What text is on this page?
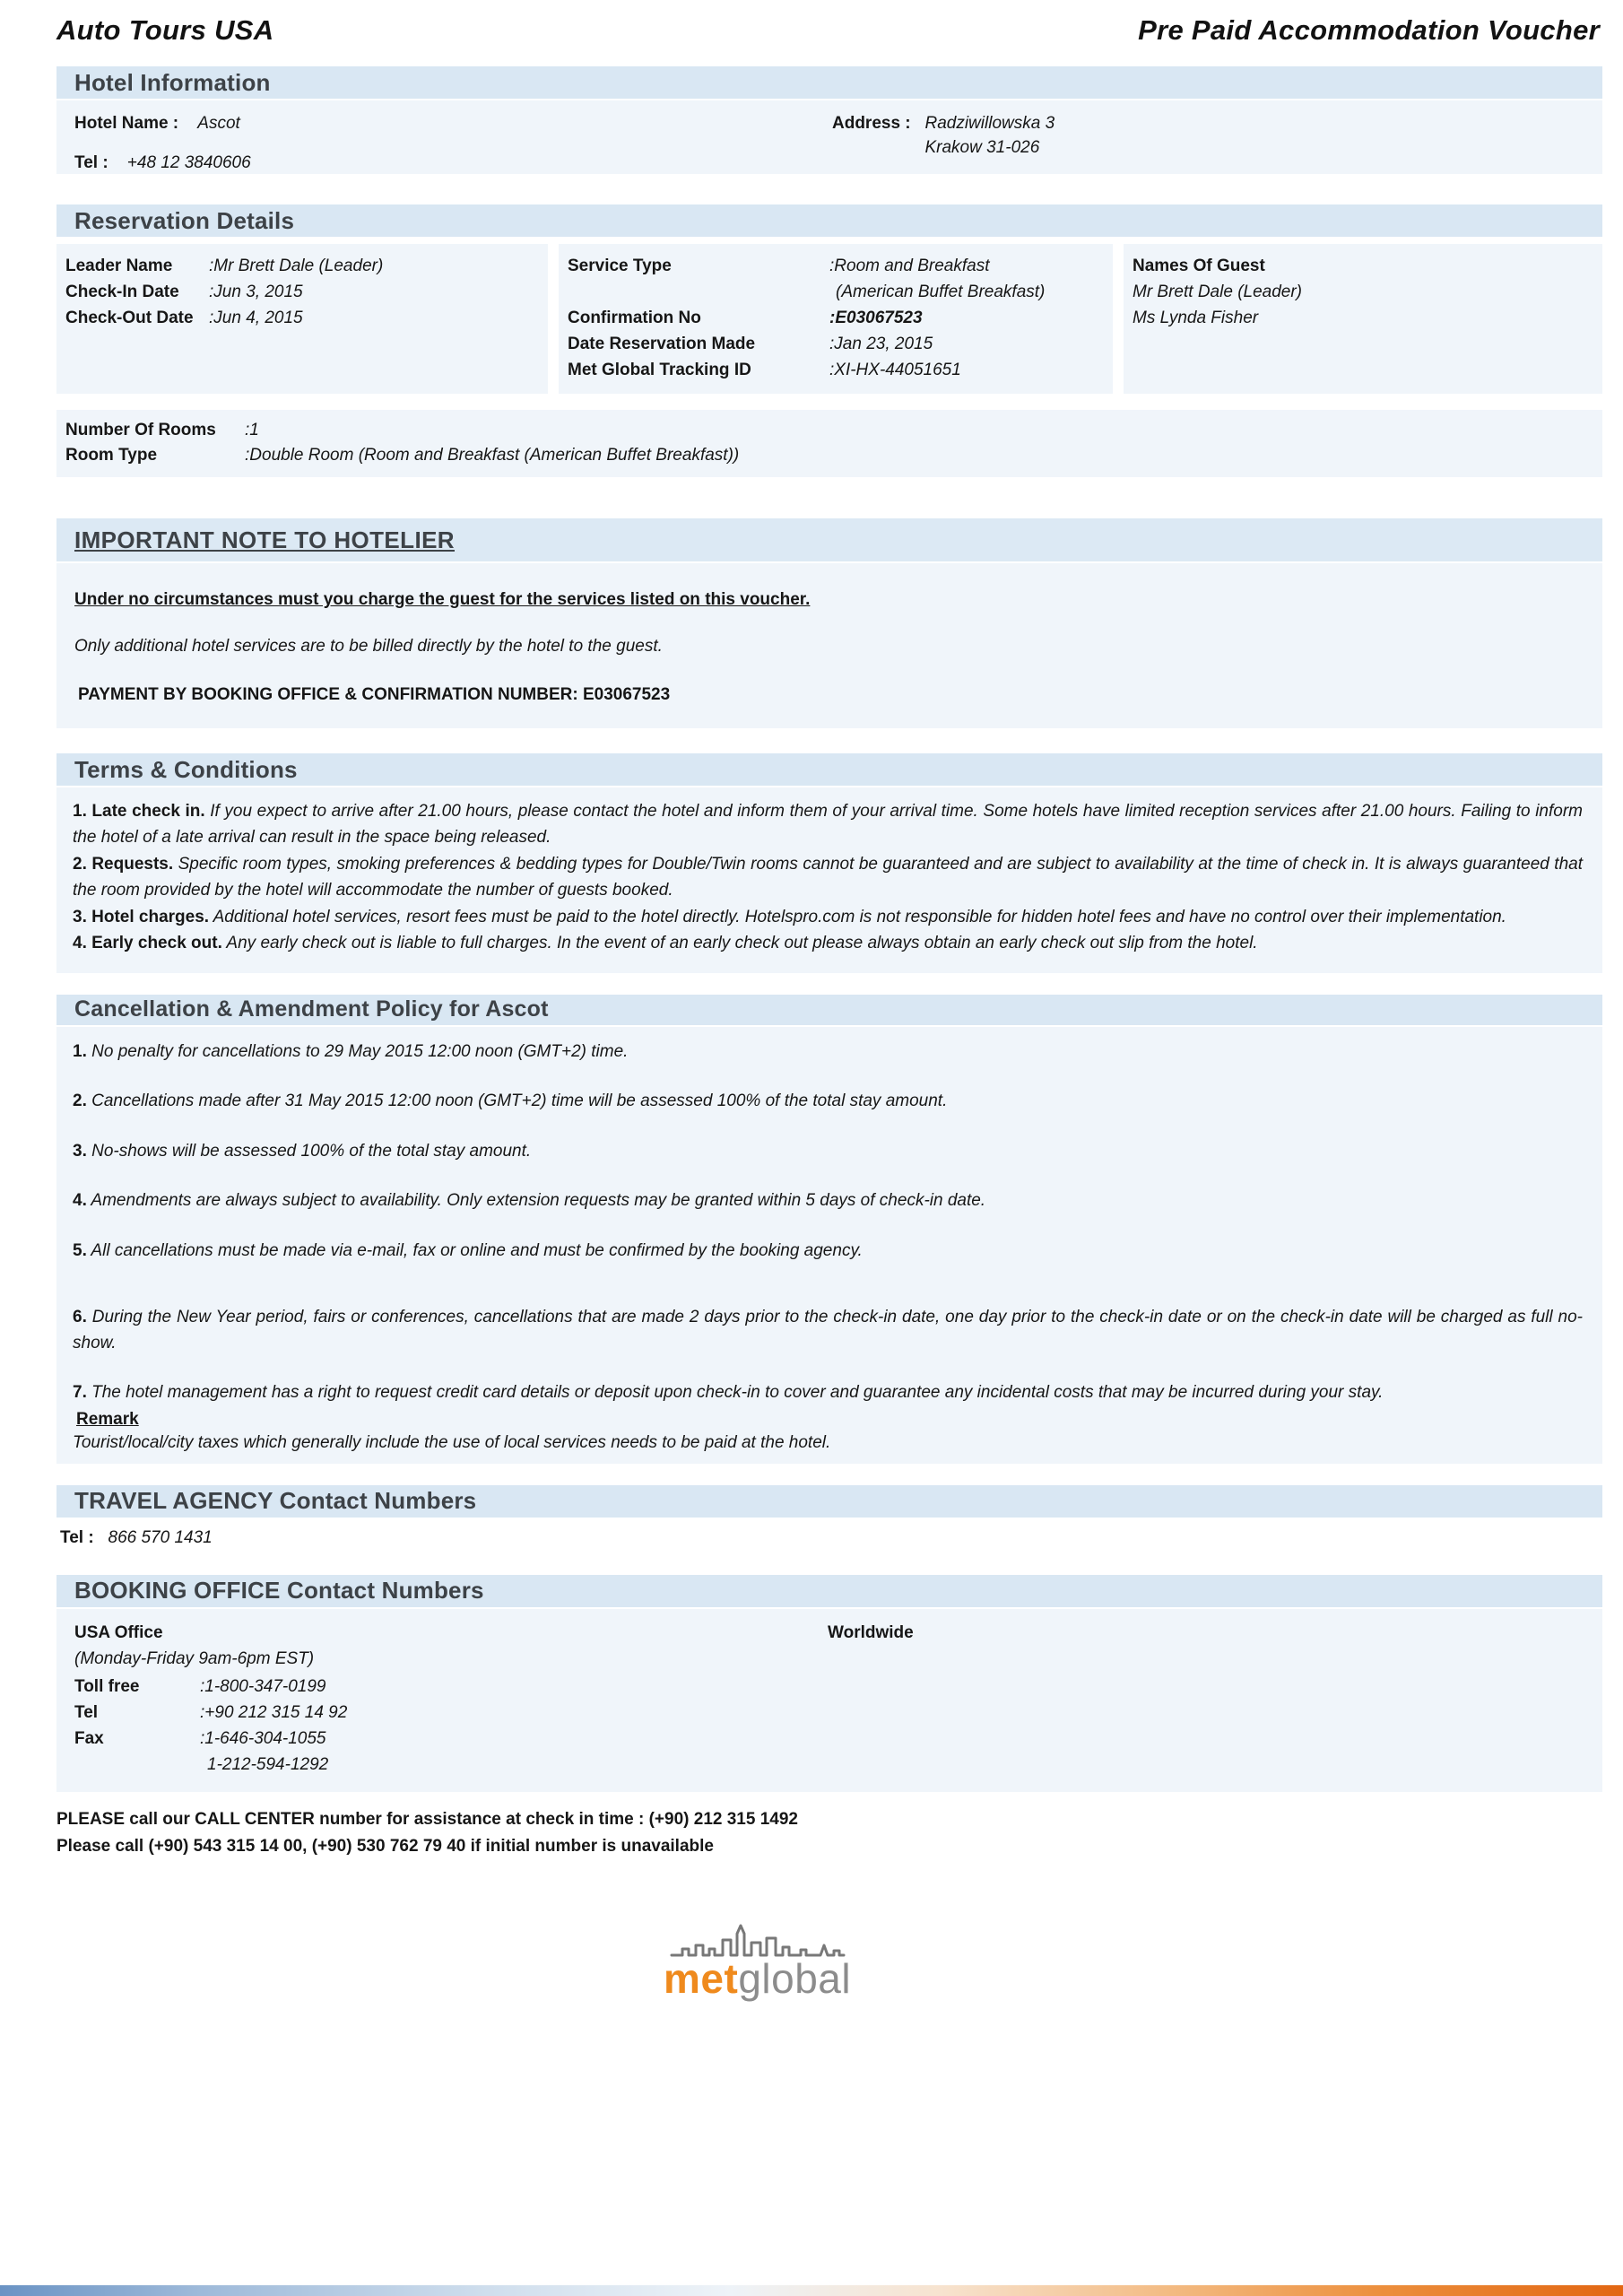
Auto Tours USA	Pre Paid Accommodation Voucher
Hotel Information
Hotel Name : Ascot
Tel : +48 12 3840606
Address : Radziwillowska 3
Krakow 31-026
Reservation Details
Leader Name	:Mr Brett Dale (Leader)
Check-In Date	:Jun 3, 2015
Check-Out Date :Jun 4, 2015
Service Type	:Room and Breakfast
(American Buffet Breakfast)
Confirmation No	:E03067523
Date Reservation Made	:Jan 23, 2015
Met Global Tracking ID	:XI-HX-44051651
Names Of Guest
Mr Brett Dale (Leader)
Ms Lynda Fisher
Number Of Rooms	:1
Room Type	:Double Room (Room and Breakfast (American Buffet Breakfast))
IMPORTANT NOTE TO HOTELIER
Under no circumstances must you charge the guest for the services listed on this voucher.
Only additional hotel services are to be billed directly by the hotel to the guest.
PAYMENT BY BOOKING OFFICE & CONFIRMATION NUMBER: E03067523
Terms & Conditions

1. Late check in. If you expect to arrive after 21.00 hours, please contact the hotel and inform them of your arrival time. Some hotels have limited reception services after 21.00 hours. Failing to inform the hotel of a late arrival can result in the space being released.

2. Requests. Specific room types, smoking preferences & bedding types for Double/Twin rooms cannot be guaranteed and are subject to availability at the time of check in. It is always guaranteed that the room provided by the hotel will accommodate the number of guests booked.

3. Hotel charges. Additional hotel services, resort fees must be paid to the hotel directly. Hotelspro.com is not responsible for hidden hotel fees and have no control over their implementation.

4. Early check out. Any early check out is liable to full charges. In the event of an early check out please always obtain an early check out slip from the hotel.

Cancellation & Amendment Policy for Ascot

1. No penalty for cancellations to 29 May 2015 12:00 noon (GMT+2) time.

2. Cancellations made after 31 May 2015 12:00 noon (GMT+2) time will be assessed 100% of the total stay amount.

3. No-shows will be assessed 100% of the total stay amount.

4. Amendments are always subject to availability. Only extension requests may be granted within 5 days of check-in date.

5. All cancellations must be made via e-mail, fax or online and must be confirmed by the booking agency.

6. During the New Year period, fairs or conferences, cancellations that are made 2 days prior to the check-in date, one day prior to the check-in date or on the check-in date will be charged as full no-show.

7. The hotel management has a right to request credit card details or deposit upon check-in to cover and guarantee any incidental costs that may be incurred during your stay.

Remark
Tourist/local/city taxes which generally include the use of local services needs to be paid at the hotel.
TRAVEL AGENCY Contact Numbers
Tel : 866 570 1431
BOOKING OFFICE Contact Numbers
USA Office	Worldwide
(Monday-Friday 9am-6pm EST)
Toll free	:1-800-347-0199
Tel	:+90 212 315 14 92
Fax	:1-646-304-1055
1-212-594-1292
PLEASE call our CALL CENTER number for assistance at check in time : (+90) 212 315 1492
Please call (+90) 543 315 14 00, (+90) 530 762 79 40 if initial number is unavailable
metglobal
